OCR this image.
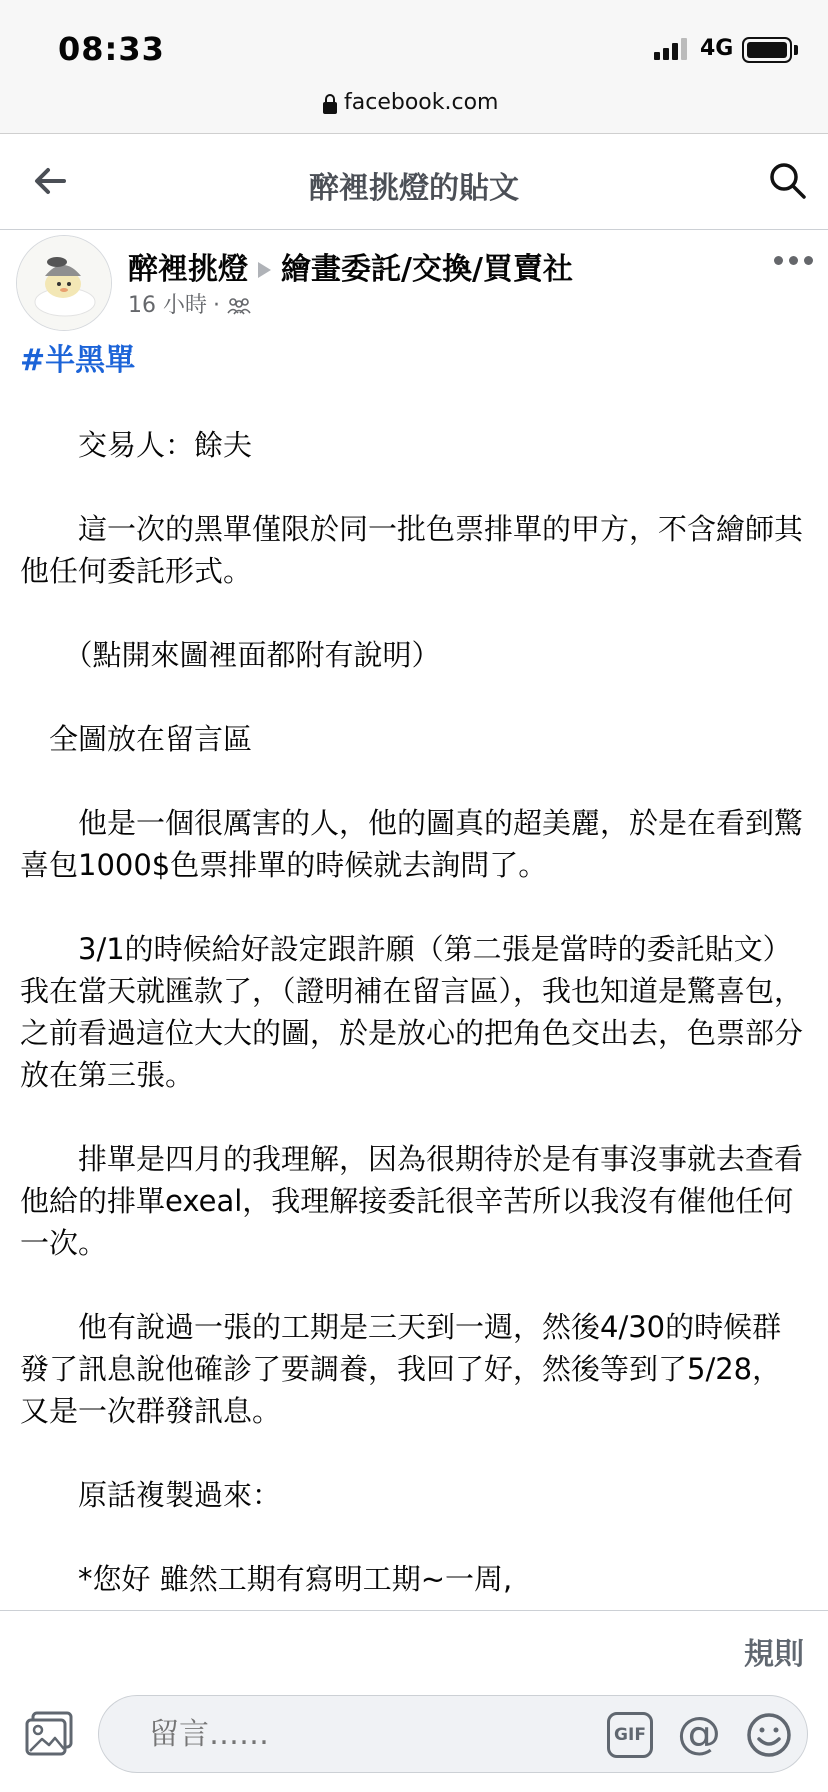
08:33	4G
facebook.com
醉裡挑燈的貼文
醉裡挑燈 繪畫委託/交換/買賣社
16 小時 ·

#半黑單

　　交易人：餘夫

　　這一次的黑單僅限於同一批色票排單的甲方，不含繪師其他任何委託形式。

　　（點開來圖裡面都附有說明）

　全圖放在留言區

　　他是一個很厲害的人，他的圖真的超美麗，於是在看到驚喜包1000$色票排單的時候就去詢問了。

　　3/1的時候給好設定跟許願（第二張是當時的委託貼文）我在當天就匯款了，（證明補在留言區），我也知道是驚喜包，之前看過這位大大的圖，於是放心的把角色交出去，色票部分放在第三張。

　　排單是四月的我理解，因為很期待於是有事沒事就去查看他給的排單exeal，我理解接委託很辛苦所以我沒有催他任何一次。

　　他有說過一張的工期是三天到一週，然後4/30的時候群發了訊息說他確診了要調養，我回了好，然後等到了5/28，又是一次群發訊息。

　　原話複製過來：

　　*您好 雖然工期有寫明工期~一周,

規則
留言……
GIF @
